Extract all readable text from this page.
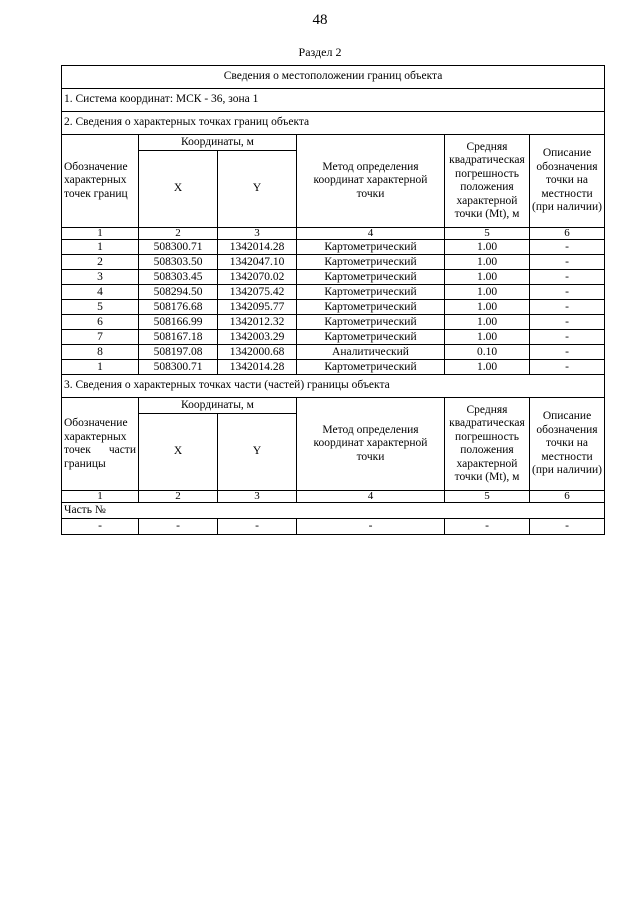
48
Раздел 2
Сведения о местоположении границ объекта					
1. Система координат: МСК - 36, зона 1					
2. Сведения о характерных точках границ объекта					
Обозначение характерных точек границ	Координаты, м		Метод определения координат характерной точки	Средняя квадратическая погрешность положения характерной точки (Mt), м	Описание обозначения точки на местности (при наличии)
	X	Y			
1	2	3	4	5	6
1	508300.71	1342014.28	Картометрический	1.00	-
2	508303.50	1342047.10	Картометрический	1.00	-
3	508303.45	1342070.02	Картометрический	1.00	-
4	508294.50	1342075.42	Картометрический	1.00	-
5	508176.68	1342095.77	Картометрический	1.00	-
6	508166.99	1342012.32	Картометрический	1.00	-
7	508167.18	1342003.29	Картометрический	1.00	-
8	508197.08	1342000.68	Аналитический	0.10	-
1	508300.71	1342014.28	Картометрический	1.00	-
3. Сведения о характерных точках части (частей) границы объекта					

Обозначение
характерных
точек части
границы	Координаты, м		Метод определения координат характерной точки	Средняя квадратическая погрешность положения характерной точки (Mt), м	Описание обозначения точки на местности (при наличии)
	X	Y			
1	2	3	4	5	6
Часть №					
-	-	-	-	-	-
